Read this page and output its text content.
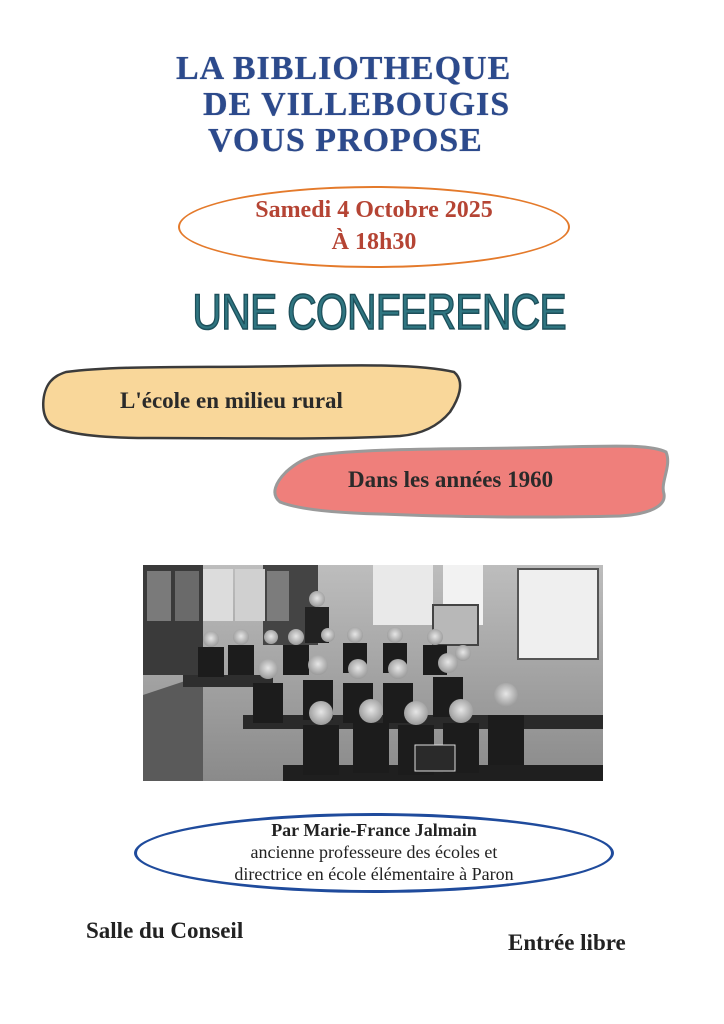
LA BIBLIOTHEQUE
DE VILLEBOUGIS
VOUS PROPOSE
Samedi 4 Octobre 2025
À 18h30
UNE CONFERENCE
L'école en milieu rural
Dans les années 1960
Par Marie-France Jalmain
ancienne professeure des écoles et
directrice en école élémentaire à Paron
Salle du Conseil	Entrée libre
